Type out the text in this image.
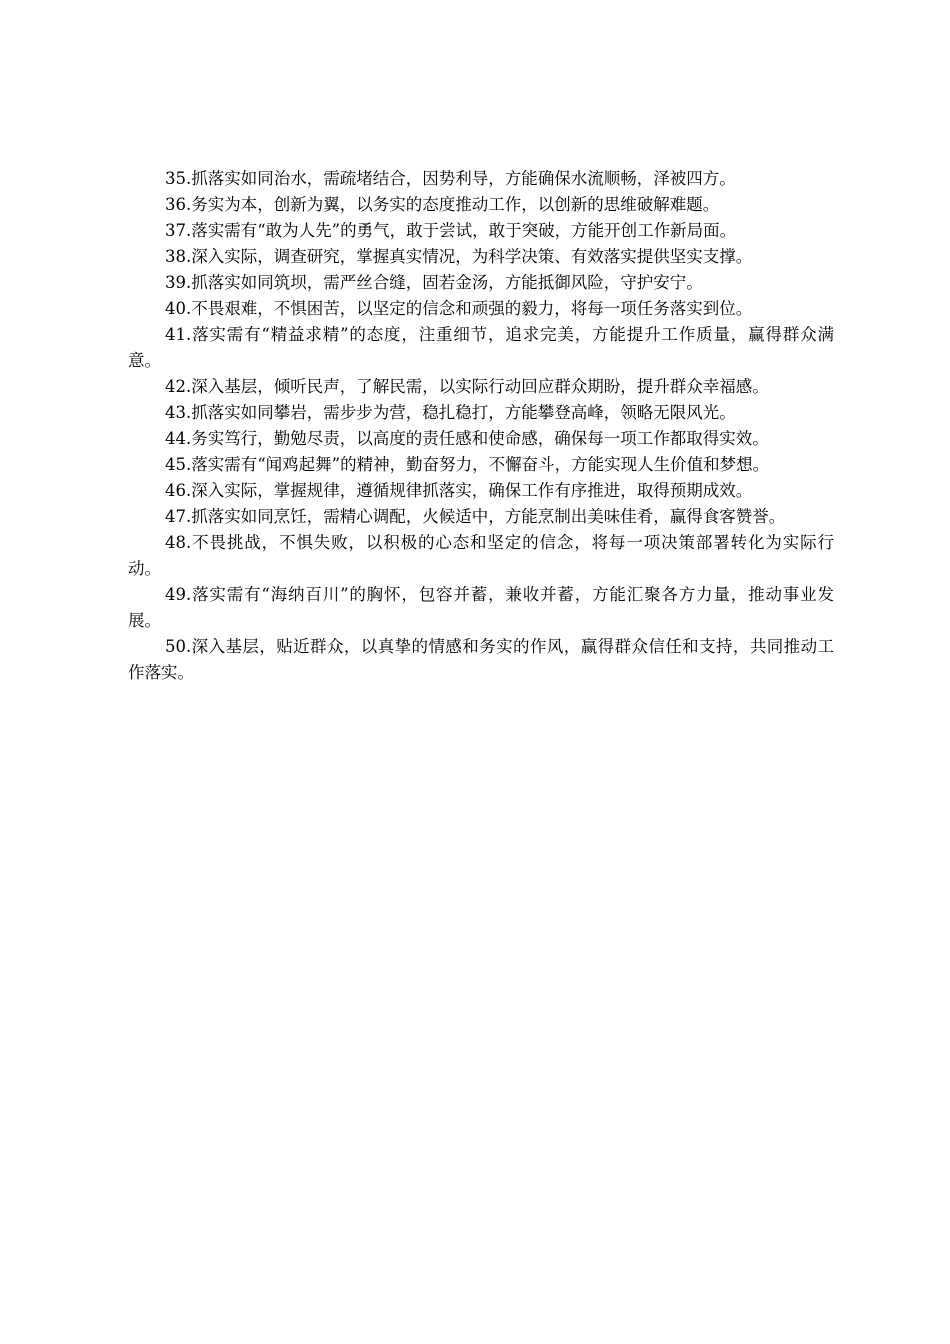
35.抓落实如同治水，需疏堵结合，因势利导，方能确保水流顺畅，泽被四方。

36.务实为本，创新为翼，以务实的态度推动工作，以创新的思维破解难题。

37.落实需有“敢为人先”的勇气，敢于尝试，敢于突破，方能开创工作新局面。

38.深入实际，调查研究，掌握真实情况，为科学决策、有效落实提供坚实支撑。

39.抓落实如同筑坝，需严丝合缝，固若金汤，方能抵御风险，守护安宁。

40.不畏艰难，不惧困苦，以坚定的信念和顽强的毅力，将每一项任务落实到位。

41.落实需有“精益求精”的态度，注重细节，追求完美，方能提升工作质量，赢得群众满意。

42.深入基层，倾听民声，了解民需，以实际行动回应群众期盼，提升群众幸福感。

43.抓落实如同攀岩，需步步为营，稳扎稳打，方能攀登高峰，领略无限风光。

44.务实笃行，勤勉尽责，以高度的责任感和使命感，确保每一项工作都取得实效。

45.落实需有“闻鸡起舞”的精神，勤奋努力，不懈奋斗，方能实现人生价值和梦想。

46.深入实际，掌握规律，遵循规律抓落实，确保工作有序推进，取得预期成效。

47.抓落实如同烹饪，需精心调配，火候适中，方能烹制出美味佳肴，赢得食客赞誉。

48.不畏挑战，不惧失败，以积极的心态和坚定的信念，将每一项决策部署转化为实际行动。

49.落实需有“海纳百川”的胸怀，包容并蓄，兼收并蓄，方能汇聚各方力量，推动事业发展。

50.深入基层，贴近群众，以真挚的情感和务实的作风，赢得群众信任和支持，共同推动工作落实。
